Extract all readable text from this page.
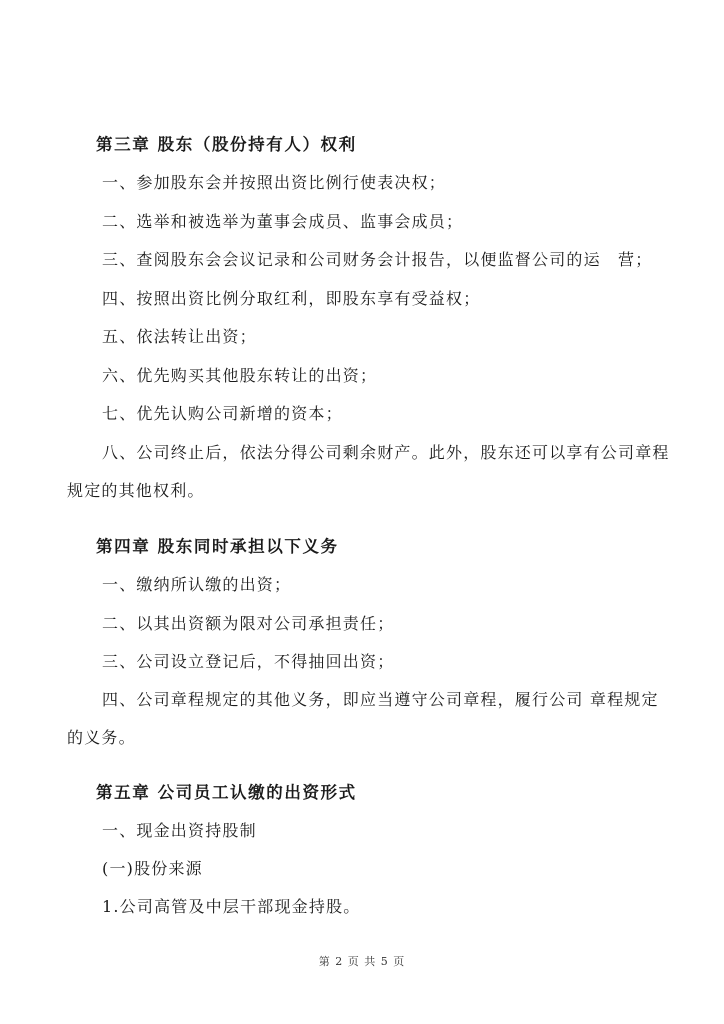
第三章 股东（股份持有人）权利
一、参加股东会并按照出资比例行使表决权；
二、选举和被选举为董事会成员、监事会成员；
三、查阅股东会会议记录和公司财务会计报告，以便监督公司的运　营；
四、按照出资比例分取红利，即股东享有受益权；
五、依法转让出资；
六、优先购买其他股东转让的出资；
七、优先认购公司新增的资本；
八、公司终止后，依法分得公司剩余财产。此外，股东还可以享有公司章程
规定的其他权利。
第四章 股东同时承担以下义务
一、缴纳所认缴的出资；
二、以其出资额为限对公司承担责任；
三、公司设立登记后，不得抽回出资；
四、公司章程规定的其他义务，即应当遵守公司章程，履行公司 章程规定
的义务。
第五章 公司员工认缴的出资形式
一、现金出资持股制
(一)股份来源
1.公司高管及中层干部现金持股。
第 2 页 共 5 页
